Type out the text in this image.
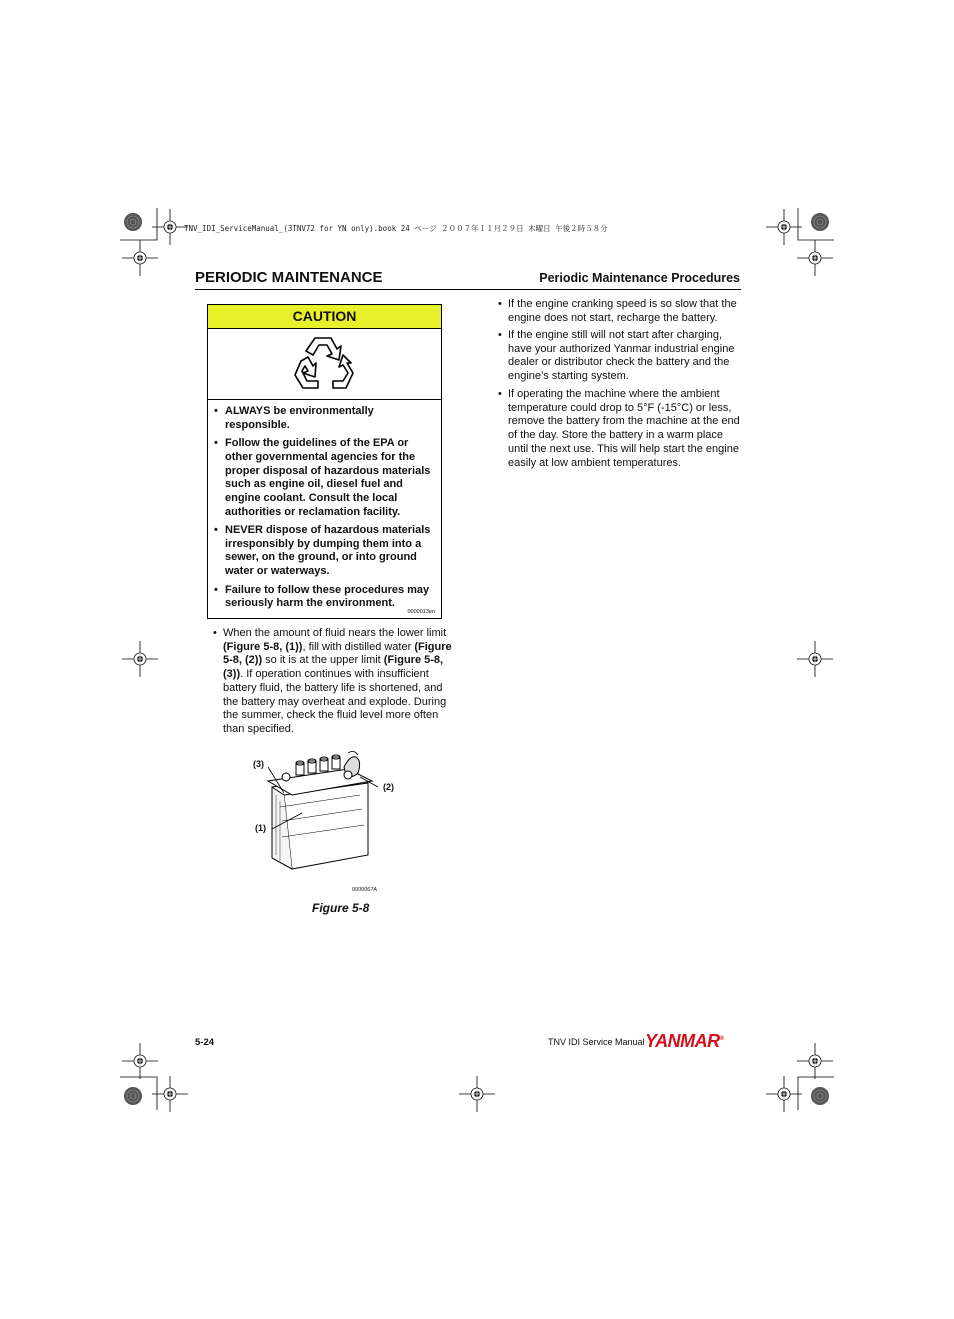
TNV_IDI_ServiceManual_(3TNV72 for YN only).book 24 ページ ２００７年１１月２９日 木曜日 午後２時５８分
PERIODIC MAINTENANCE	Periodic Maintenance Procedures
CAUTION
• ALWAYS be environmentally responsible.
• Follow the guidelines of the EPA or other governmental agencies for the proper disposal of hazardous materials such as engine oil, diesel fuel and engine coolant. Consult the local authorities or reclamation facility.
• NEVER dispose of hazardous materials irresponsibly by dumping them into a sewer, on the ground, or into ground water or waterways.
• Failure to follow these procedures may seriously harm the environment.
0000013en
• When the amount of fluid nears the lower limit (Figure 5-8, (1)), fill with distilled water (Figure 5-8, (2)) so it is at the upper limit (Figure 5-8, (3)). If operation continues with insufficient battery fluid, the battery life is shortened, and the battery may overheat and explode. During the summer, check the fluid level more often than specified.
(3)
(2)
(1)
0000067A
Figure 5-8
• If the engine cranking speed is so slow that the engine does not start, recharge the battery.
• If the engine still will not start after charging, have your authorized Yanmar industrial engine dealer or distributor check the battery and the engine’s starting system.
• If operating the machine where the ambient temperature could drop to 5°F (-15°C) or less, remove the battery from the machine at the end of the day. Store the battery in a warm place until the next use. This will help start the engine easily at low ambient temperatures.
5-24	TNV IDI Service Manual YANMAR®
